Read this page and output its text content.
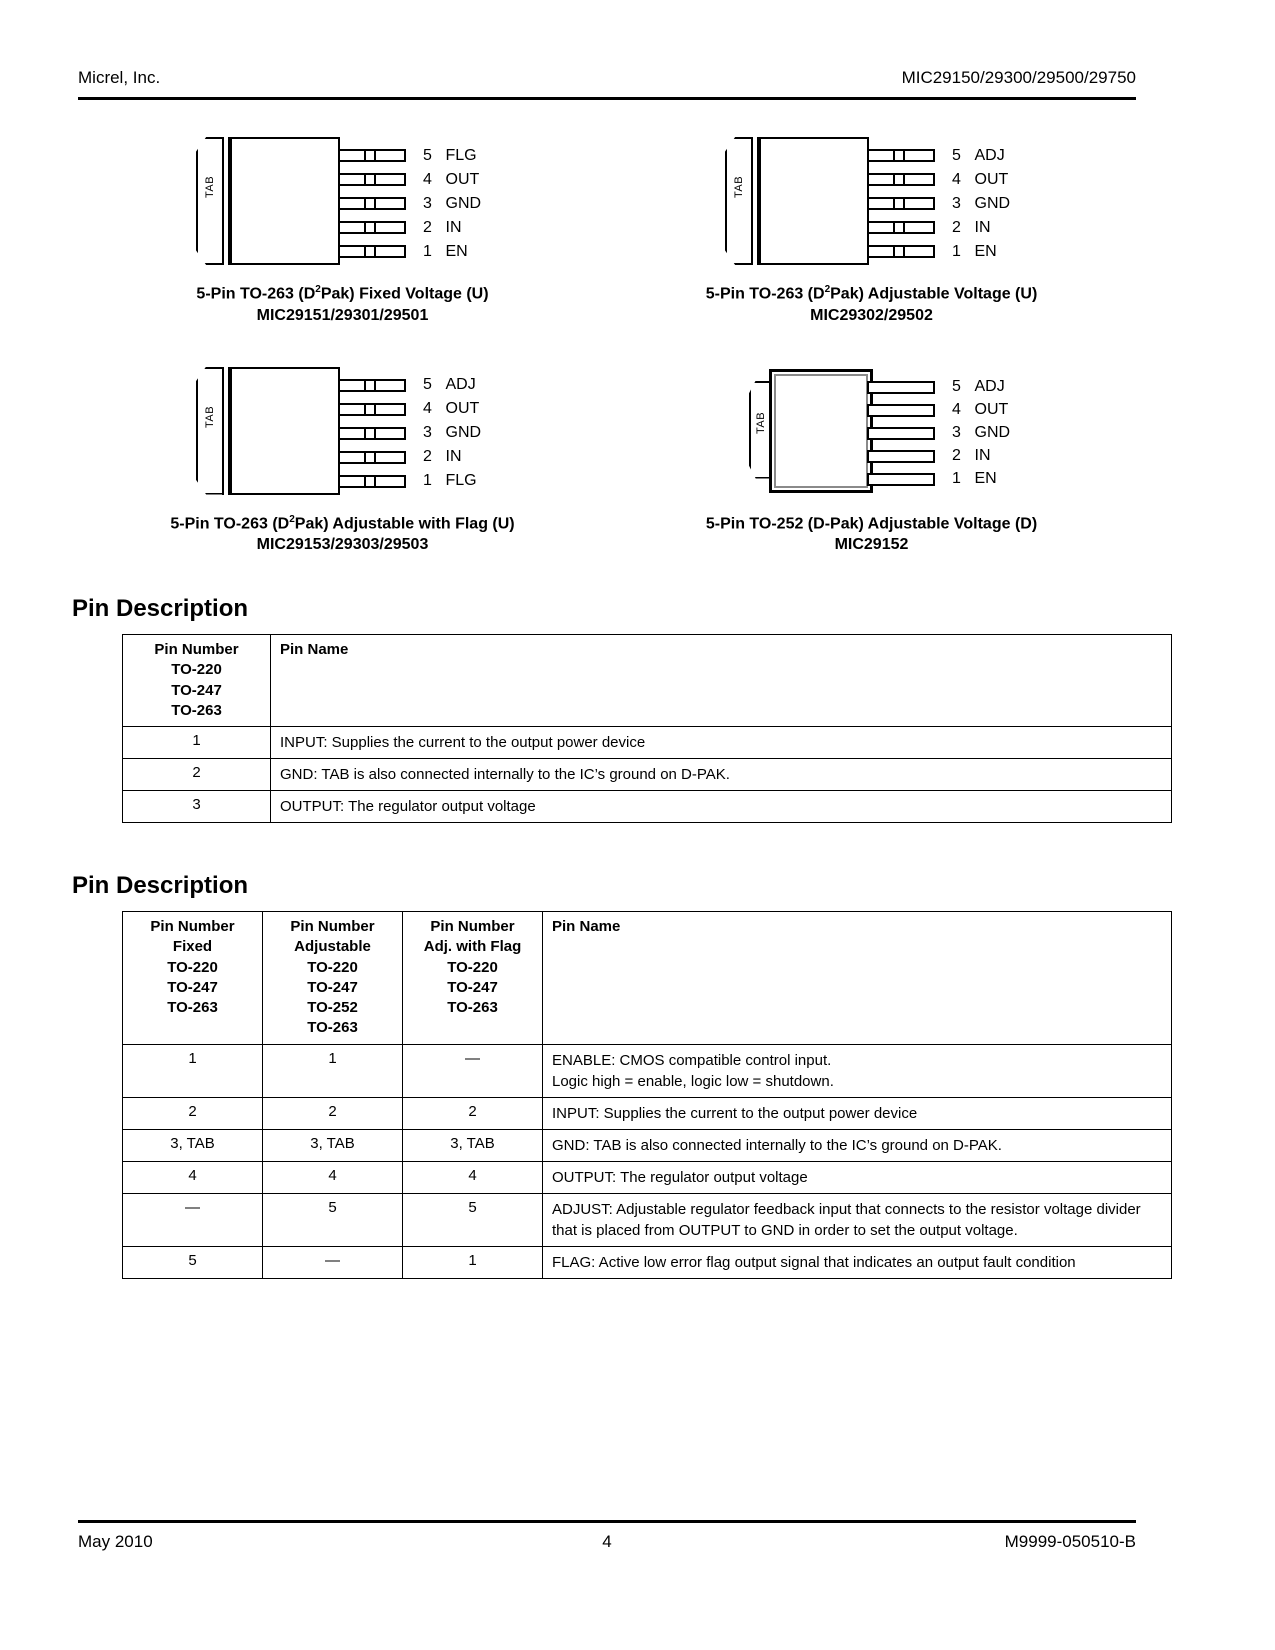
Micrel, Inc.	MIC29150/29300/29500/29750
TAB
5 FLG
4 OUT
3 GND
2 IN
1 EN
5-Pin TO-263 $(D^2Pak)$ Fixed Voltage (U)
MIC29151/29301/29501
TAB
5 ADJ
4 OUT
3 GND
2 IN
1 EN
5-Pin TO-263 $(D^2Pak)$ Adjustable Voltage (U)
MIC29302/29502
TAB
5 ADJ
4 OUT
3 GND
2 IN
1 FLG
5-Pin TO-263 $(D^2Pak)$ Adjustable with Flag (U)
MIC29153/29303/29503
TAB
5 ADJ
4 OUT
3 GND
2 IN
1 EN
5-Pin TO-252 (D-Pak) Adjustable Voltage (D)
MIC29152
Pin Description
Pin Number
TO-220
TO-247
TO-263	Pin Name
1	INPUT: Supplies the current to the output power device
2	GND: TAB is also connected internally to the IC’s ground on D-PAK.
3	OUTPUT: The regulator output voltage
Pin Description
Pin Number
Fixed
TO-220
TO-247
TO-263	Pin Number
Adjustable
TO-220
TO-247
TO-252
TO-263	Pin Number
Adj. with Flag
TO-220
TO-247
TO-263	Pin Name
1	1	—	ENABLE: CMOS compatible control input.
Logic high = enable, logic low = shutdown.
2	2	2	INPUT: Supplies the current to the output power device
3, TAB	3, TAB	3, TAB	GND: TAB is also connected internally to the IC’s ground on D-PAK.
4	4	4	OUTPUT: The regulator output voltage
—	5	5	ADJUST: Adjustable regulator feedback input that connects to the resistor voltage divider that is placed from OUTPUT to GND in order to set the output voltage.
5	—	1	FLAG: Active low error flag output signal that indicates an output fault condition
May 2010	4	M9999-050510-B
